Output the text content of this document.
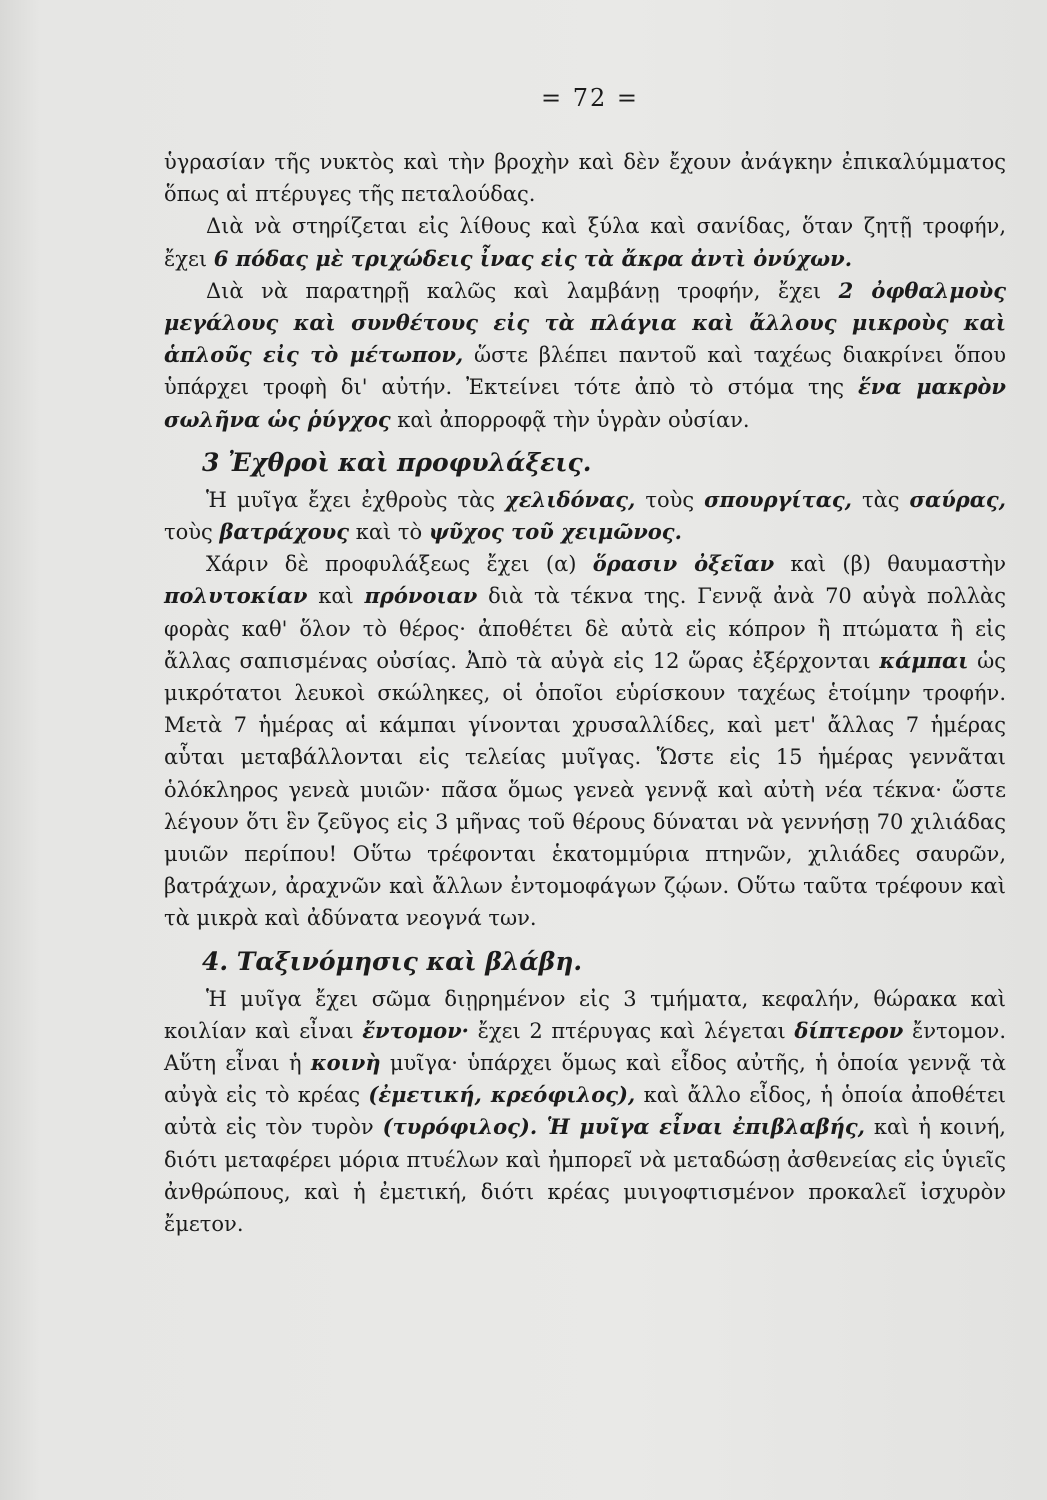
= 72 =

ὑγρασίαν τῆς νυκτὸς καὶ τὴν βροχὴν καὶ δὲν ἔχουν ἀνάγκην ἐπικαλύμματος ὅπως αἱ πτέρυγες τῆς πεταλούδας.

Διὰ νὰ στηρίζεται εἰς λίθους καὶ ξύλα καὶ σανίδας, ὅταν ζητῇ τροφήν, ἔχει 6 πόδας μὲ τριχώδεις ἶνας εἰς τὰ ἄκρα ἀντὶ ὀνύχων.

Διὰ νὰ παρατηρῇ καλῶς καὶ λαμβάνῃ τροφήν, ἔχει 2 ὀφθαλμοὺς μεγάλους καὶ συνθέτους εἰς τὰ πλάγια καὶ ἄλλους μικροὺς καὶ ἁπλοῦς εἰς τὸ μέτωπον, ὥστε βλέπει παντοῦ καὶ ταχέως διακρίνει ὅπου ὑπάρχει τροφὴ δι' αὐτήν. Ἐκτείνει τότε ἀπὸ τὸ στόμα της ἕνα μακρὸν σωλῆνα ὡς ῥύγχος καὶ ἀπορροφᾷ τὴν ὑγρὰν οὐσίαν.

3 Ἐχθροὶ καὶ προφυλάξεις.

Ἡ μυῖγα ἔχει ἐχθροὺς τὰς χελιδόνας, τοὺς σπουργίτας, τὰς σαύρας, τοὺς βατράχους καὶ τὸ ψῦχος τοῦ χειμῶνος.

Χάριν δὲ προφυλάξεως ἔχει (α) ὅρασιν ὀξεῖαν καὶ (β) θαυμαστὴν πολυτοκίαν καὶ πρόνοιαν διὰ τὰ τέκνα της. Γεννᾷ ἀνὰ 70 αὐγὰ πολλὰς φορὰς καθ' ὅλον τὸ θέρος· ἀποθέτει δὲ αὐτὰ εἰς κόπρον ἢ πτώματα ἢ εἰς ἄλλας σαπισμένας οὐσίας. Ἀπὸ τὰ αὐγὰ εἰς 12 ὥρας ἐξέρχονται κάμπαι ὡς μικρότατοι λευκοὶ σκώληκες, οἱ ὁποῖοι εὑρίσκουν ταχέως ἑτοίμην τροφήν. Μετὰ 7 ἡμέρας αἱ κάμπαι γίνονται χρυσαλλίδες, καὶ μετ' ἄλλας 7 ἡμέρας αὗται μεταβάλλονται εἰς τελείας μυῖγας. Ὥστε εἰς 15 ἡμέρας γεννᾶται ὁλόκληρος γενεὰ μυιῶν· πᾶσα ὅμως γενεὰ γεννᾷ καὶ αὐτὴ νέα τέκνα· ὥστε λέγουν ὅτι ἓν ζεῦγος εἰς 3 μῆνας τοῦ θέρους δύναται νὰ γεννήσῃ 70 χιλιάδας μυιῶν περίπου! Οὕτω τρέφονται ἑκατομμύρια πτηνῶν, χιλιάδες σαυρῶν, βατράχων, ἀραχνῶν καὶ ἄλλων ἐντομοφάγων ζῴων. Οὕτω ταῦτα τρέφουν καὶ τὰ μικρὰ καὶ ἀδύνατα νεογνά των.

4. Ταξινόμησις καὶ βλάβη.

Ἡ μυῖγα ἔχει σῶμα διῃρημένον εἰς 3 τμήματα, κεφαλήν, θώρακα καὶ κοιλίαν καὶ εἶναι ἔντομον· ἔχει 2 πτέρυγας καὶ λέγεται δίπτερον ἔντομον. Αὕτη εἶναι ἡ κοινὴ μυῖγα· ὑπάρχει ὅμως καὶ εἶδος αὐτῆς, ἡ ὁποία γεννᾷ τὰ αὐγὰ εἰς τὸ κρέας (ἐμετική, κρεόφιλος), καὶ ἄλλο εἶδος, ἡ ὁποία ἀποθέτει αὐτὰ εἰς τὸν τυρὸν (τυρόφιλος). Ἡ μυῖγα εἶναι ἐπιβλαβής, καὶ ἡ κοινή, διότι μεταφέρει μόρια πτυέλων καὶ ἠμπορεῖ νὰ μεταδώσῃ ἀσθενείας εἰς ὑγιεῖς ἀνθρώπους, καὶ ἡ ἐμετική, διότι κρέας μυιγοφτισμένον προκαλεῖ ἰσχυρὸν ἔμετον.
